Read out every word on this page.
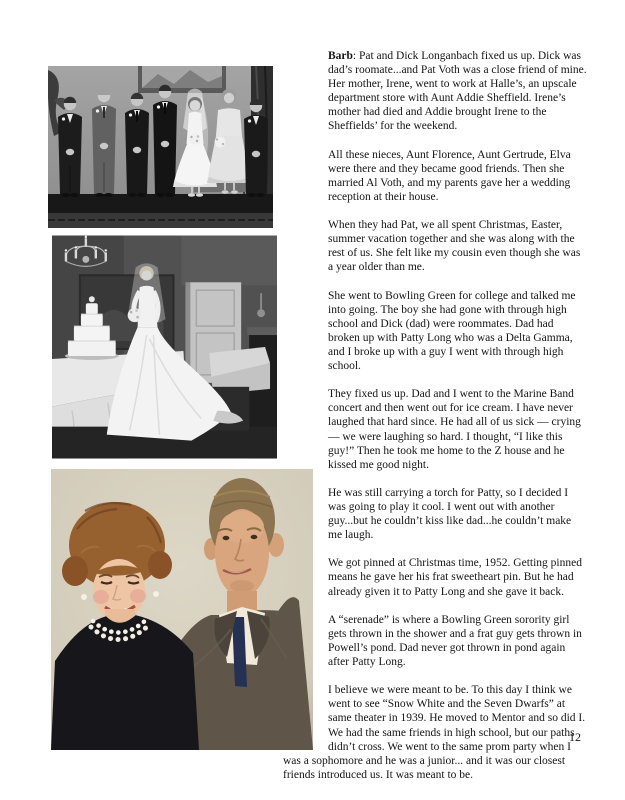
Barb: Pat and Dick Longanbach fixed us up. Dick was dad’s roomate...and Pat Voth was a close friend of mine. Her mother, Irene, went to work at Halle’s, an upscale department store with Aunt Addie Sheffield. Irene’s mother had died and Addie brought Irene to the Sheffields’ for the weekend.

All these nieces, Aunt Florence, Aunt Gertrude, Elva were there and they became good friends. Then she married Al Voth, and my parents gave her a wedding reception at their house.

When they had Pat, we all spent Christmas, Easter, summer vacation together and she was along with the rest of us. She felt like my cousin even though she was a year older than me.

She went to Bowling Green for college and talked me into going. The boy she had gone with through high school and Dick (dad) were roommates. Dad had broken up with Patty Long who was a Delta Gamma, and I broke up with a guy I went with through high school.

They fixed us up. Dad and I went to the Marine Band concert and then went out for ice cream. I have never laughed that hard since. He had all of us sick — crying — we were laughing so hard. I thought, “I like this guy!” Then he took me home to the Z house and he kissed me good night.

He was still carrying a torch for Patty, so I decided I was going to play it cool. I went out with another guy...but he couldn’t kiss like dad...he couldn’t make me laugh.

We got pinned at Christmas time, 1952. Getting pinned means he gave her his frat sweetheart pin. But he had already given it to Patty Long and she gave it back.

A “serenade” is where a Bowling Green sorority girl gets thrown in the shower and a frat guy gets thrown in Powell’s pond. Dad never got thrown in pond again after Patty Long.

I believe we were meant to be. To this day I think we went to see “Snow White and the Seven Dwarfs” at same theater in 1939. He moved to Mentor and so did I. We had the same friends in high school, but our paths didn’t cross. We went to the same prom party when I was a sophomore and he was a junior... and it was our closest friends introduced us. It was meant to be.

12
